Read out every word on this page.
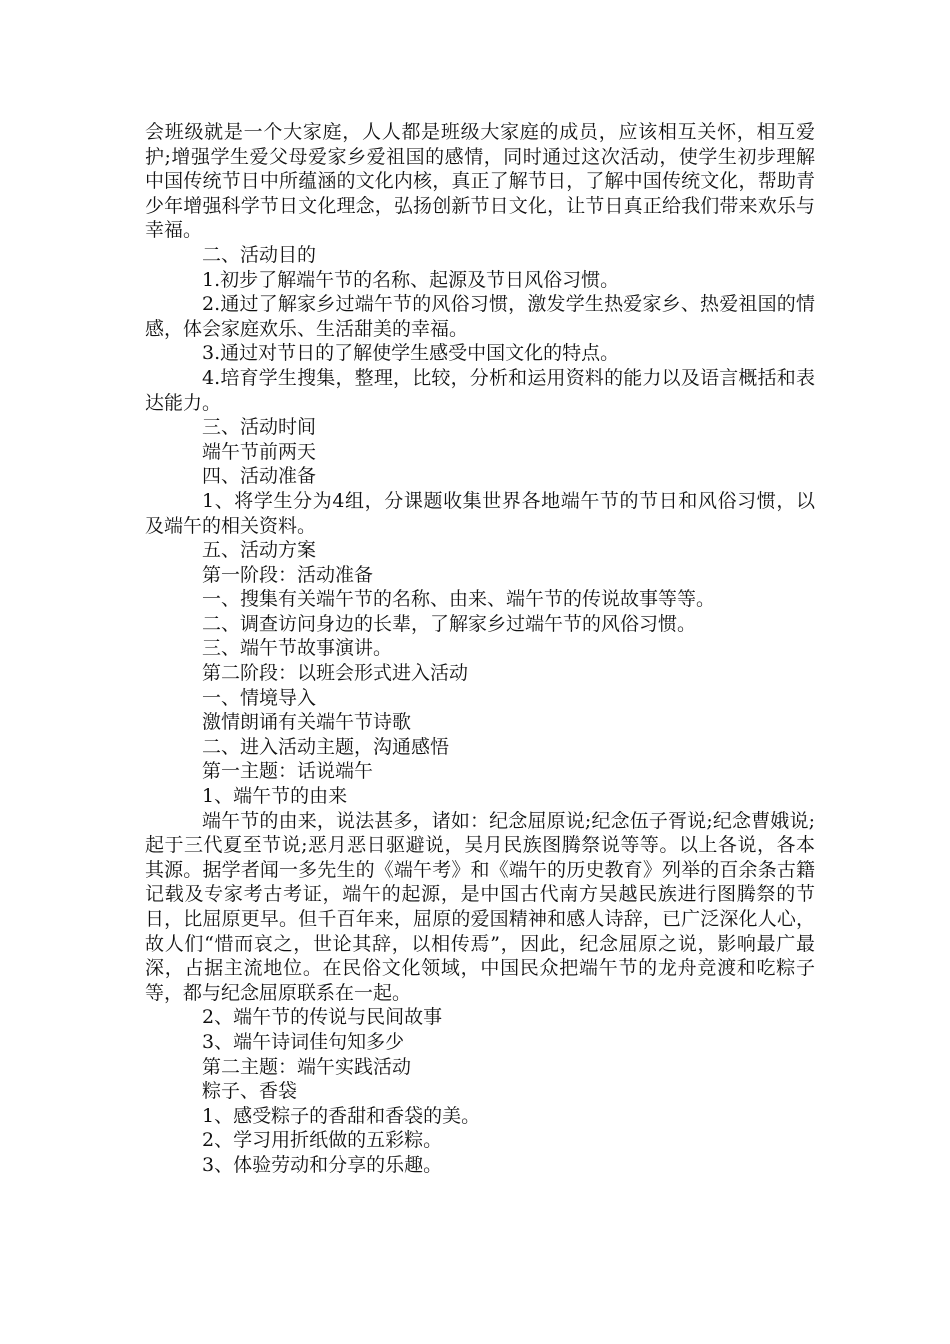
会班级就是一个大家庭，人人都是班级大家庭的成员，应该相互关怀，相互爱护;增强学生爱父母爱家乡爱祖国的感情，同时通过这次活动，使学生初步理解中国传统节日中所蕴涵的文化内核，真正了解节日，了解中国传统文化，帮助青少年增强科学节日文化理念，弘扬创新节日文化，让节日真正给我们带来欢乐与幸福。

二、活动目的

1.初步了解端午节的名称、起源及节日风俗习惯。

2.通过了解家乡过端午节的风俗习惯，激发学生热爱家乡、热爱祖国的情感，体会家庭欢乐、生活甜美的幸福。

3.通过对节日的了解使学生感受中国文化的特点。

4.培育学生搜集，整理，比较，分析和运用资料的能力以及语言概括和表达能力。

三、活动时间

端午节前两天

四、活动准备

1、将学生分为4组，分课题收集世界各地端午节的节日和风俗习惯，以及端午的相关资料。

五、活动方案

第一阶段：活动准备

一、搜集有关端午节的名称、由来、端午节的传说故事等等。

二、调查访问身边的长辈，了解家乡过端午节的风俗习惯。

三、端午节故事演讲。

第二阶段：以班会形式进入活动

一、情境导入

激情朗诵有关端午节诗歌

二、进入活动主题，沟通感悟

第一主题：话说端午

1、端午节的由来

端午节的由来，说法甚多，诸如：纪念屈原说;纪念伍子胥说;纪念曹娥说;起于三代夏至节说;恶月恶日驱避说，吴月民族图腾祭说等等。以上各说，各本其源。据学者闻一多先生的《端午考》和《端午的历史教育》列举的百余条古籍记载及专家考古考证，端午的起源，是中国古代南方吴越民族进行图腾祭的节日，比屈原更早。但千百年来，屈原的爱国精神和感人诗辞，已广泛深化人心，故人们“惜而哀之，世论其辞，以相传焉”，因此，纪念屈原之说，影响最广最深，占据主流地位。在民俗文化领域，中国民众把端午节的龙舟竞渡和吃粽子等，都与纪念屈原联系在一起。

2、端午节的传说与民间故事

3、端午诗词佳句知多少

第二主题：端午实践活动

粽子、香袋

1、感受粽子的香甜和香袋的美。

2、学习用折纸做的五彩粽。

3、体验劳动和分享的乐趣。
